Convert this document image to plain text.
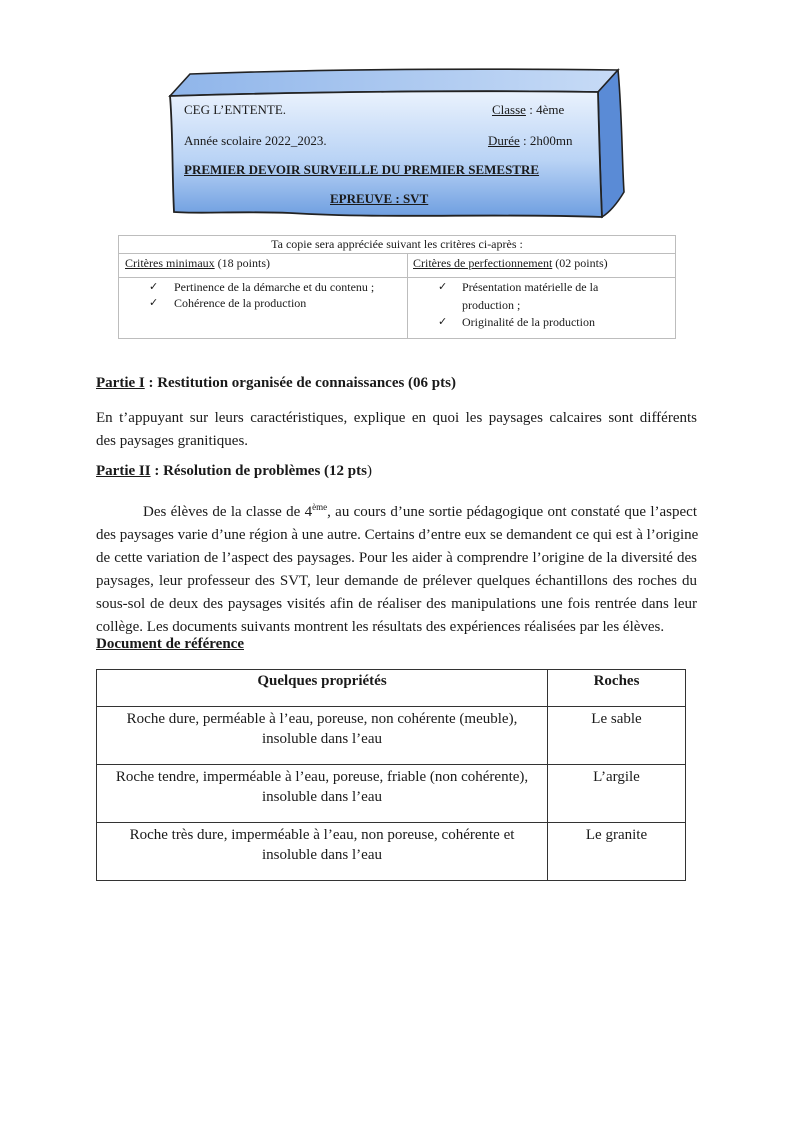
CEG L’ENTENTE.	Classe : 4ème
Année scolaire 2022_2023.	Durée : 2h00mn
PREMIER DEVOIR SURVEILLE DU PREMIER SEMESTRE
EPREUVE : SVT
Ta copie sera appréciée suivant les critères ci-après :
Critères minimaux (18 points)	Critères de perfectionnement (02 points)
✓ Pertinence de la démarche et du contenu ;
✓ Cohérence de la production
✓ Présentation matérielle de la
production ;
✓ Originalité de la production
Partie I : Restitution organisée de connaissances (06 pts)
En t’appuyant sur leurs caractéristiques, explique en quoi les paysages calcaires sont différents
des paysages granitiques.
Partie II : Résolution de problèmes (12 pts)
Des élèves de la classe de 4ème, au cours d’une sortie pédagogique ont constaté que l’aspect
des paysages varie d’une région à une autre. Certains d’entre eux se demandent ce qui est à l’origine
de cette variation de l’aspect des paysages. Pour les aider à comprendre l’origine de la diversité des
paysages, leur professeur des SVT, leur demande de prélever quelques échantillons des roches du
sous-sol de deux des paysages visités afin de réaliser des manipulations une fois rentrée dans leur
collège. Les documents suivants montrent les résultats des expériences réalisées par les élèves.
Document de référence
Quelques propriétés	Roches
Roche dure, perméable à l’eau, poreuse, non cohérente (meuble),
insoluble dans l’eau	Le sable
Roche tendre, imperméable à l’eau, poreuse, friable (non cohérente),
insoluble dans l’eau	L’argile
Roche très dure, imperméable à l’eau, non poreuse, cohérente et
insoluble dans l’eau	Le granite
